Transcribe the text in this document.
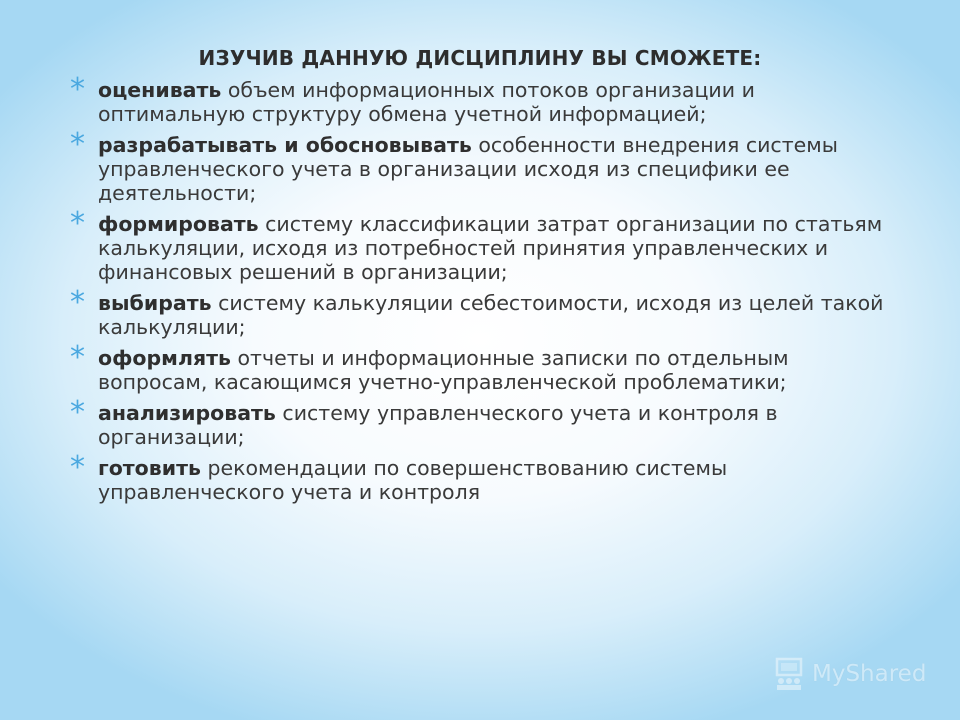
ИЗУЧИВ ДАННУЮ ДИСЦИПЛИНУ ВЫ СМОЖЕТЕ:
* оценивать объем информационных потоков организации и оптимальную структуру обмена учетной информацией;
* разрабатывать и обосновывать особенности внедрения системы управленческого учета в организации исходя из специфики ее деятельности;
* формировать систему классификации затрат организации по статьям калькуляции, исходя из потребностей принятия управленческих и финансовых решений в организации;
* выбирать систему калькуляции себестоимости, исходя из целей такой калькуляции;
* оформлять отчеты и информационные записки по отдельным вопросам, касающимся учетно-управленческой проблематики;
* анализировать систему управленческого учета и контроля в организации;
* готовить рекомендации по совершенствованию системы управленческого учета и контроля
MyShared
